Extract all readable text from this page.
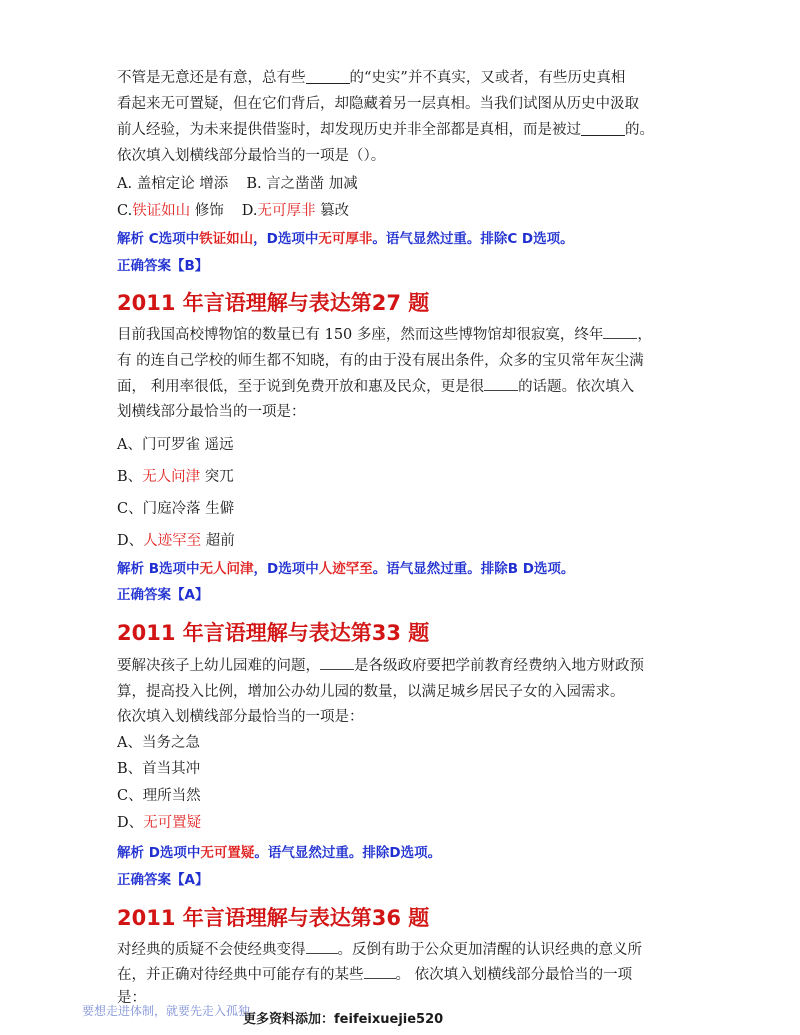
不管是无意还是有意，总有些	的“史实”并不真实，又或者，有些历史真相
看起来无可置疑，但在它们背后，却隐藏着另一层真相。当我们试图从历史中汲取
前人经验，为未来提供借鉴时，却发现历史并非全部都是真相，而是被过	的。
依次填入划横线部分最恰当的一项是（）。
A. 盖棺定论 增添 B. 言之凿凿 加减
C.铁证如山 修饰 D.无可厚非 篡改
解析 C选项中铁证如山，D选项中无可厚非。语气显然过重。排除C D选项。
正确答案【B】
2011 年言语理解与表达第27 题
目前我国高校博物馆的数量已有 150 多座，然而这些博物馆却很寂寞，终年 ，
有 的连自己学校的师生都不知晓，有的由于没有展出条件，众多的宝贝常年灰尘满
面， 利用率很低，至于说到免费开放和惠及民众，更是很 的话题。依次填入
划横线部分最恰当的一项是：
A、门可罗雀 遥远
B、无人问津 突兀
C、门庭冷落 生僻
D、人迹罕至 超前
解析 B选项中无人问津，D选项中人迹罕至。语气显然过重。排除B D选项。
正确答案【A】
2011 年言语理解与表达第33 题
要解决孩子上幼儿园难的问题， 是各级政府要把学前教育经费纳入地方财政预
算，提高投入比例，增加公办幼儿园的数量，以满足城乡居民子女的入园需求。
依次填入划横线部分最恰当的一项是：
A、当务之急
B、首当其冲
C、理所当然
D、无可置疑
解析 D选项中无可置疑。语气显然过重。排除D选项。
正确答案【A】
2011 年言语理解与表达第36 题
对经典的质疑不会使经典变得 。反倒有助于公众更加清醒的认识经典的意义所
在，并正确对待经典中可能存有的某些 。 依次填入划横线部分最恰当的一项
是：
要想走进体制，就要先走入孤独
更多资料添加：feifeixuejie520
